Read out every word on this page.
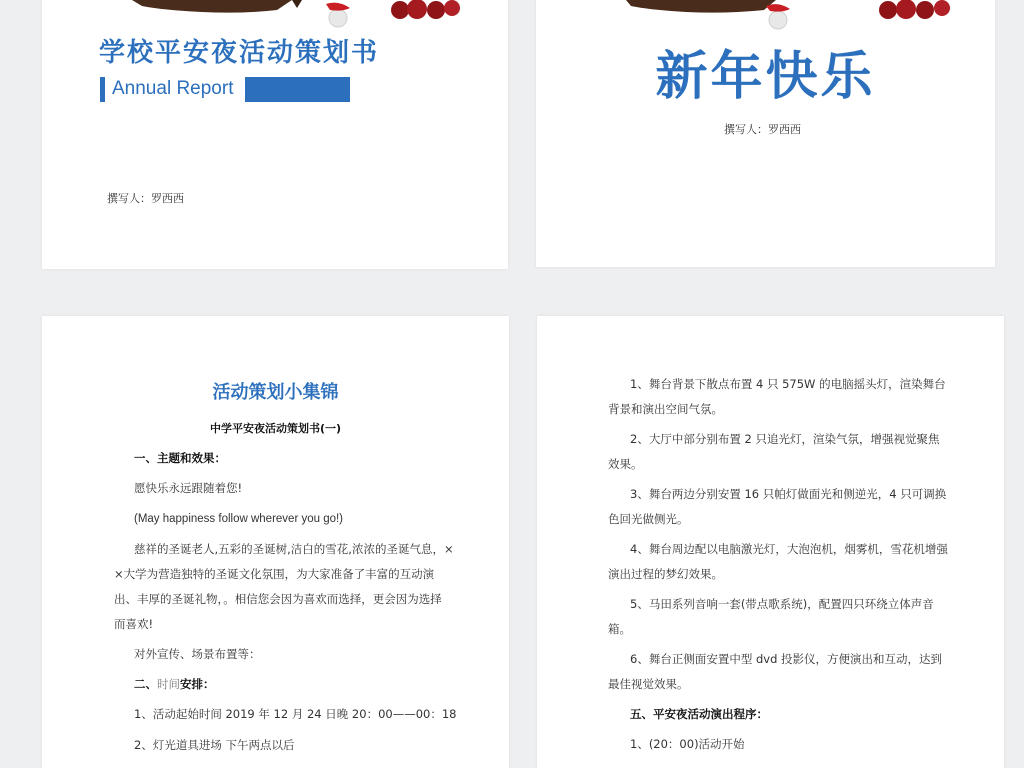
学校平安夜活动策划书
Annual Report
撰写人：罗西西
新年快乐
撰写人：罗西西
活动策划小集锦
中学平安夜活动策划书(一)
一、主题和效果：
愿快乐永远跟随着您!
(May happiness follow wherever you go!)
慈祥的圣诞老人,五彩的圣诞树,洁白的雪花,浓浓的圣诞气息，×
×大学为营造独特的圣诞文化氛围，为大家准备了丰富的互动演
出、丰厚的圣诞礼物，。相信您会因为喜欢而选择，更会因为选择
而喜欢!
对外宣传、场景布置等：
二、时间安排：
1、活动起始时间 2019 年 12 月 24 日晚 20：00——00：18
2、灯光道具进场 下午两点以后
1、舞台背景下散点布置 4 只 575W 的电脑摇头灯，渲染舞台
背景和演出空间气氛。
2、大厅中部分别布置 2 只追光灯，渲染气氛，增强视觉聚焦
效果。
3、舞台两边分别安置 16 只帕灯做面光和侧逆光，4 只可调换
色回光做侧光。
4、舞台周边配以电脑激光灯，大泡泡机，烟雾机，雪花机增强
演出过程的梦幻效果。
5、马田系列音响一套(带点歌系统)，配置四只环绕立体声音
箱。
6、舞台正侧面安置中型 dvd 投影仪，方便演出和互动，达到
最佳视觉效果。
五、平安夜活动演出程序：
1、(20：00)活动开始
